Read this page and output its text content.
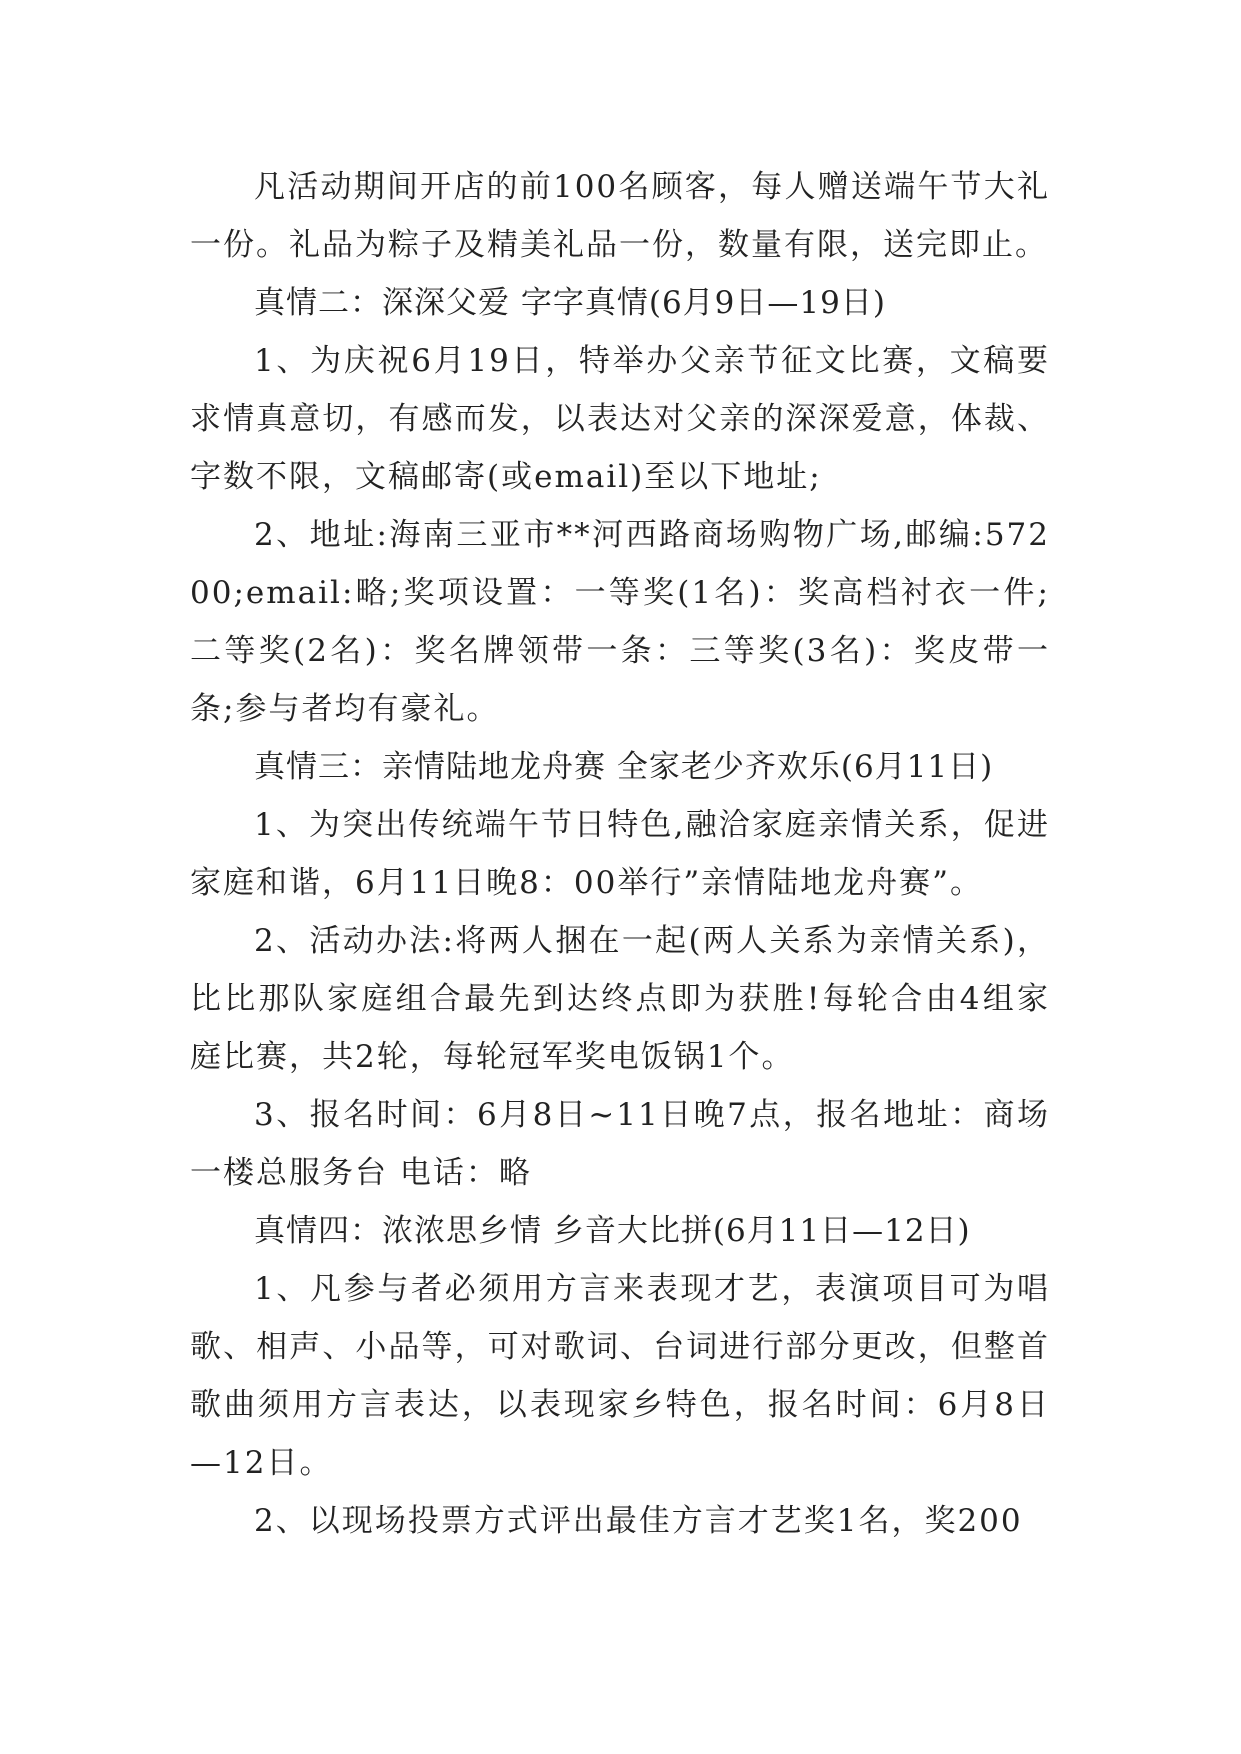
凡活动期间开店的前100名顾客，每人赠送端午节大礼一份。礼品为粽子及精美礼品一份，数量有限，送完即止。

真情二：深深父爱 字字真情(6月9日—19日)

1、为庆祝6月19日，特举办父亲节征文比赛，文稿要求情真意切，有感而发，以表达对父亲的深深爱意，体裁、字数不限，文稿邮寄(或email)至以下地址;

2、地址:海南三亚市**河西路商场购物广场,邮编:57200;email:略;奖项设置：一等奖(1名)：奖高档衬衣一件;二等奖(2名)：奖名牌领带一条：三等奖(3名)：奖皮带一条;参与者均有豪礼。

真情三：亲情陆地龙舟赛 全家老少齐欢乐(6月11日)

1、为突出传统端午节日特色,融洽家庭亲情关系，促进家庭和谐，6月11日晚8：00举行”亲情陆地龙舟赛”。

2、活动办法:将两人捆在一起(两人关系为亲情关系)，比比那队家庭组合最先到达终点即为获胜!每轮合由4组家庭比赛，共2轮，每轮冠军奖电饭锅1个。

3、报名时间：6月8日~11日晚7点，报名地址：商场一楼总服务台 电话：略

真情四：浓浓思乡情 乡音大比拼(6月11日—12日)

1、凡参与者必须用方言来表现才艺，表演项目可为唱歌、相声、小品等，可对歌词、台词进行部分更改，但整首歌曲须用方言表达，以表现家乡特色，报名时间：6月8日—12日。

2、以现场投票方式评出最佳方言才艺奖1名，奖200
